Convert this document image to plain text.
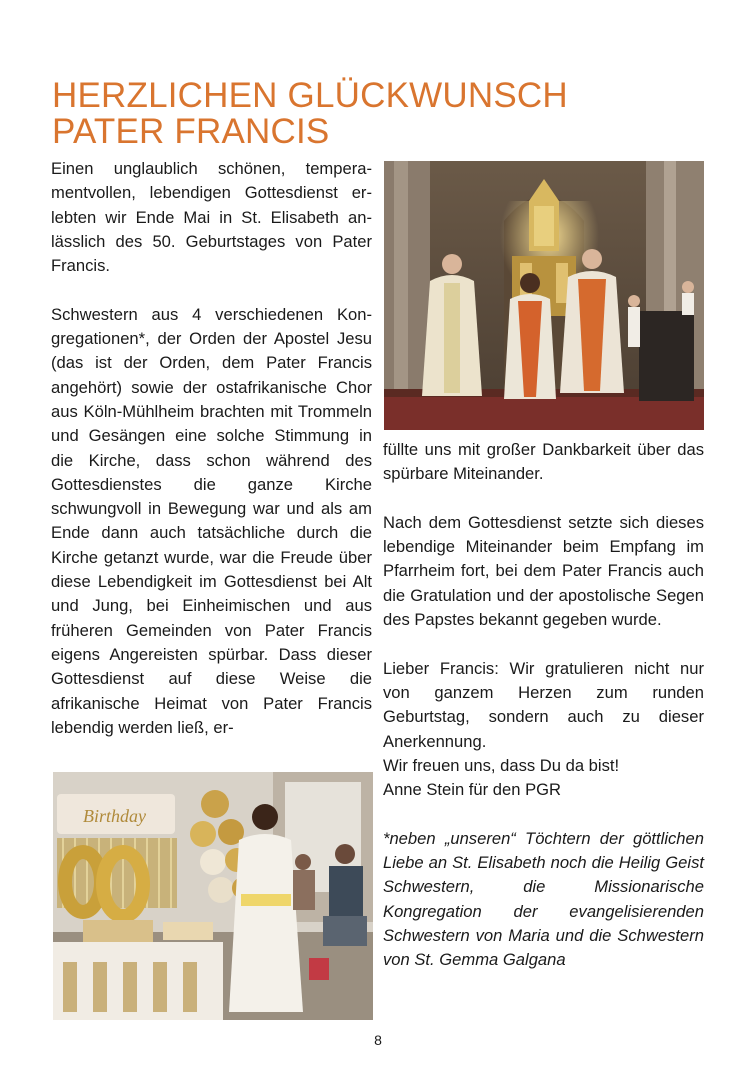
HERZLICHEN GLÜCKWUNSCH
PATER FRANCIS

Einen unglaublich schönen, temperamentvollen, lebendigen Gottesdienst erlebten wir Ende Mai in St. Elisabeth anlässlich des 50. Geburtstages von Pater Francis.

Schwestern aus 4 verschiedenen Kongregationen*, der Orden der Apostel Jesu (das ist der Orden, dem Pater Francis angehört) sowie der ostafrikanische Chor aus Köln-Mühlheim brachten mit Trommeln und Gesängen eine solche Stimmung in die Kirche, dass schon während des Gottesdienstes die ganze Kirche schwungvoll in Bewegung war und als am Ende dann auch tatsächliche durch die Kirche getanzt wurde, war die Freude über diese Lebendigkeit im Gottesdienst bei Alt und Jung, bei Einheimischen und aus früheren Gemeinden von Pater Francis eigens Angereisten spürbar. Dass dieser Gottesdienst auf diese Weise die afrikanische Heimat von Pater Francis lebendig werden ließ, er-

füllte uns mit großer Dankbarkeit über das spürbare Miteinander.

Nach dem Gottesdienst setzte sich dieses lebendige Miteinander beim Empfang im Pfarrheim fort, bei dem Pater Francis auch die Gratulation und der apostolische Segen des Papstes bekannt gegeben wurde.

Lieber Francis: Wir gratulieren nicht nur von ganzem Herzen zum runden Geburtstag, sondern auch zu dieser Anerkennung.

Wir freuen uns, dass Du da bist!

Anne Stein für den PGR

*neben „unseren“ Töchtern der göttlichen Liebe an St. Elisabeth noch die Heilig Geist Schwestern, die Missionarische Kongregation der evangelisierenden Schwestern von Maria und die Schwestern von St. Gemma Galgana

Birthday
8
